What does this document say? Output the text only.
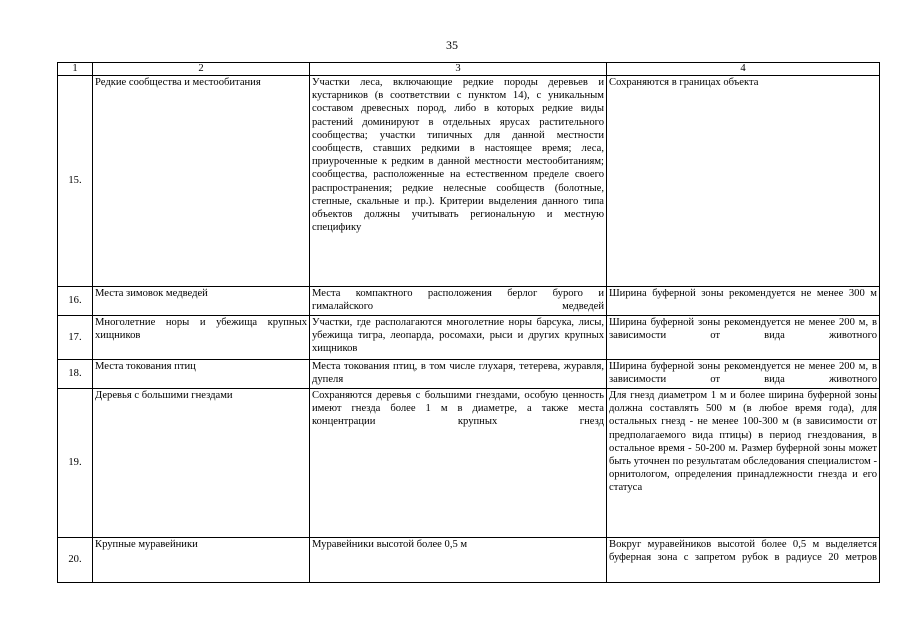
35
1	2	3	4
15.	Редкие сообщества и местообитания	Участки леса, включающие редкие породы деревьев и кустарников (в соответствии с пунктом 14), с уникальным составом древесных пород, либо в которых редкие виды растений доминируют в отдельных ярусах растительного сообщества; участки типичных для данной местности сообществ, ставших редкими в настоящее время; леса, приуроченные к редким в данной местности местообитаниям; сообщества, расположенные на естественном пределе своего распространения; редкие нелесные сообществ (болотные, степные, скальные и пр.). Критерии выделения данного типа объектов должны учитывать региональную и местную специфику	Сохраняются в границах объекта
16.	Места зимовок медведей	Места компактного расположения берлог бурого и гималайского медведей	Ширина буферной зоны рекомендуется не менее 300 м
17.	Многолетние норы и убежища крупных хищников	Участки, где располагаются многолетние норы барсука, лисы, убежища тигра, леопарда, росомахи, рыси и других крупных хищников	Ширина буферной зоны рекомендуется не менее 200 м, в зависимости от вида животного
18.	Места токования птиц	Места токования птиц, в том числе глухаря, тетерева, журавля, дупеля	Ширина буферной зоны рекомендуется не менее 200 м, в зависимости от вида животного
19.	Деревья с большими гнездами	Сохраняются деревья с большими гнездами, особую ценность имеют гнезда более 1 м в диаметре, а также места концентрации крупных гнезд	Для гнезд диаметром 1 м и более ширина буферной зоны должна составлять 500 м (в любое время года), для остальных гнезд - не менее 100-300 м (в зависимости от предполагаемого вида птицы) в период гнездования, в остальное время - 50-200 м. Размер буферной зоны может быть уточнен по результатам обследования специалистом - орнитологом, определения принадлежности гнезда и его статуса
20.	Крупные муравейники	Муравейники высотой более 0,5 м	Вокруг муравейников высотой более 0,5 м выделяется буферная зона с запретом рубок в радиусе 20 метров
